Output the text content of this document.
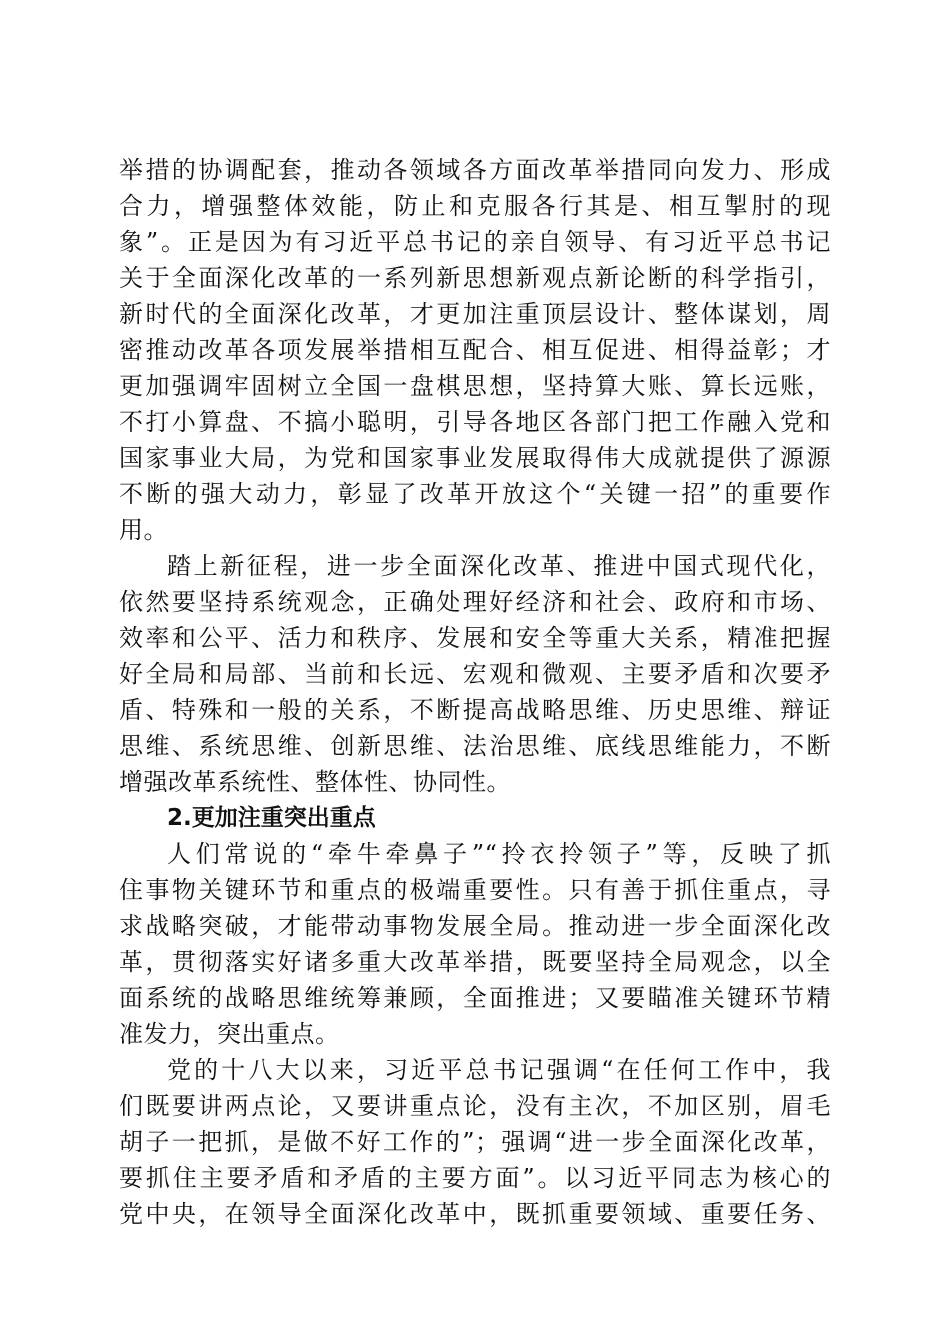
举措的协调配套，推动各领域各方面改革举措同向发力、形成
合力，增强整体效能，防止和克服各行其是、相互掣肘的现
象”。正是因为有习近平总书记的亲自领导、有习近平总书记
关于全面深化改革的一系列新思想新观点新论断的科学指引，
新时代的全面深化改革，才更加注重顶层设计、整体谋划，周
密推动改革各项发展举措相互配合、相互促进、相得益彰；才
更加强调牢固树立全国一盘棋思想，坚持算大账、算长远账，
不打小算盘、不搞小聪明，引导各地区各部门把工作融入党和
国家事业大局，为党和国家事业发展取得伟大成就提供了源源
不断的强大动力，彰显了改革开放这个“关键一招”的重要作
用。
踏上新征程，进一步全面深化改革、推进中国式现代化，
依然要坚持系统观念，正确处理好经济和社会、政府和市场、
效率和公平、活力和秩序、发展和安全等重大关系，精准把握
好全局和局部、当前和长远、宏观和微观、主要矛盾和次要矛
盾、特殊和一般的关系，不断提高战略思维、历史思维、辩证
思维、系统思维、创新思维、法治思维、底线思维能力，不断
增强改革系统性、整体性、协同性。
2.更加注重突出重点
人们常说的“牵牛牵鼻子”“拎衣拎领子”等，反映了抓
住事物关键环节和重点的极端重要性。只有善于抓住重点，寻
求战略突破，才能带动事物发展全局。推动进一步全面深化改
革，贯彻落实好诸多重大改革举措，既要坚持全局观念，以全
面系统的战略思维统筹兼顾，全面推进；又要瞄准关键环节精
准发力，突出重点。
党的十八大以来，习近平总书记强调“在任何工作中，我
们既要讲两点论，又要讲重点论，没有主次，不加区别，眉毛
胡子一把抓，是做不好工作的”；强调“进一步全面深化改革，
要抓住主要矛盾和矛盾的主要方面”。以习近平同志为核心的
党中央，在领导全面深化改革中，既抓重要领域、重要任务、
